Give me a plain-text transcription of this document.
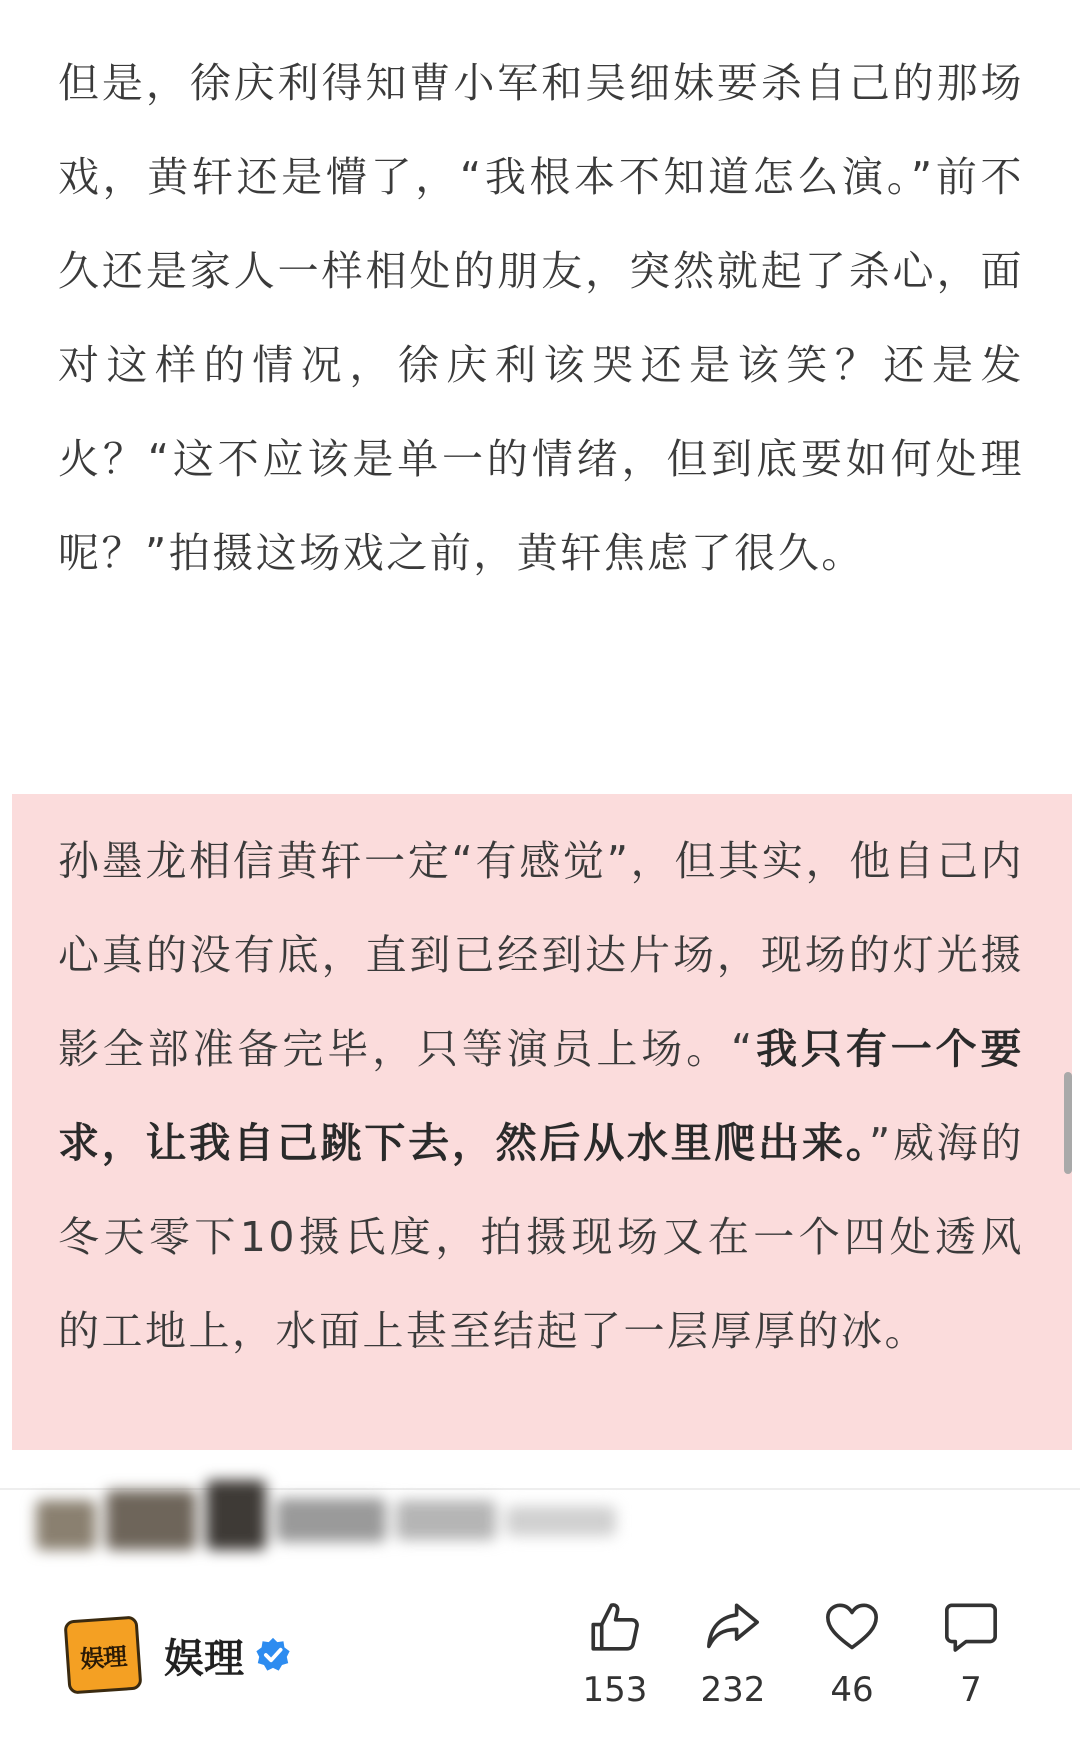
但是，徐庆利得知曹小军和吴细妹要杀自己的那场戏，黄轩还是懵了，“我根本不知道怎么演。”前不久还是家人一样相处的朋友，突然就起了杀心，面对这样的情况，徐庆利该哭还是该笑？还是发火？“这不应该是单一的情绪，但到底要如何处理呢？”拍摄这场戏之前，黄轩焦虑了很久。

孙墨龙相信黄轩一定“有感觉”，但其实，他自己内心真的没有底，直到已经到达片场，现场的灯光摄影全部准备完毕，只等演员上场。“我只有一个要求，让我自己跳下去，然后从水里爬出来。”威海的冬天零下10摄氏度，拍摄现场又在一个四处透风的工地上，水面上甚至结起了一层厚厚的冰。

娱理 娱理
153	232	46	7
